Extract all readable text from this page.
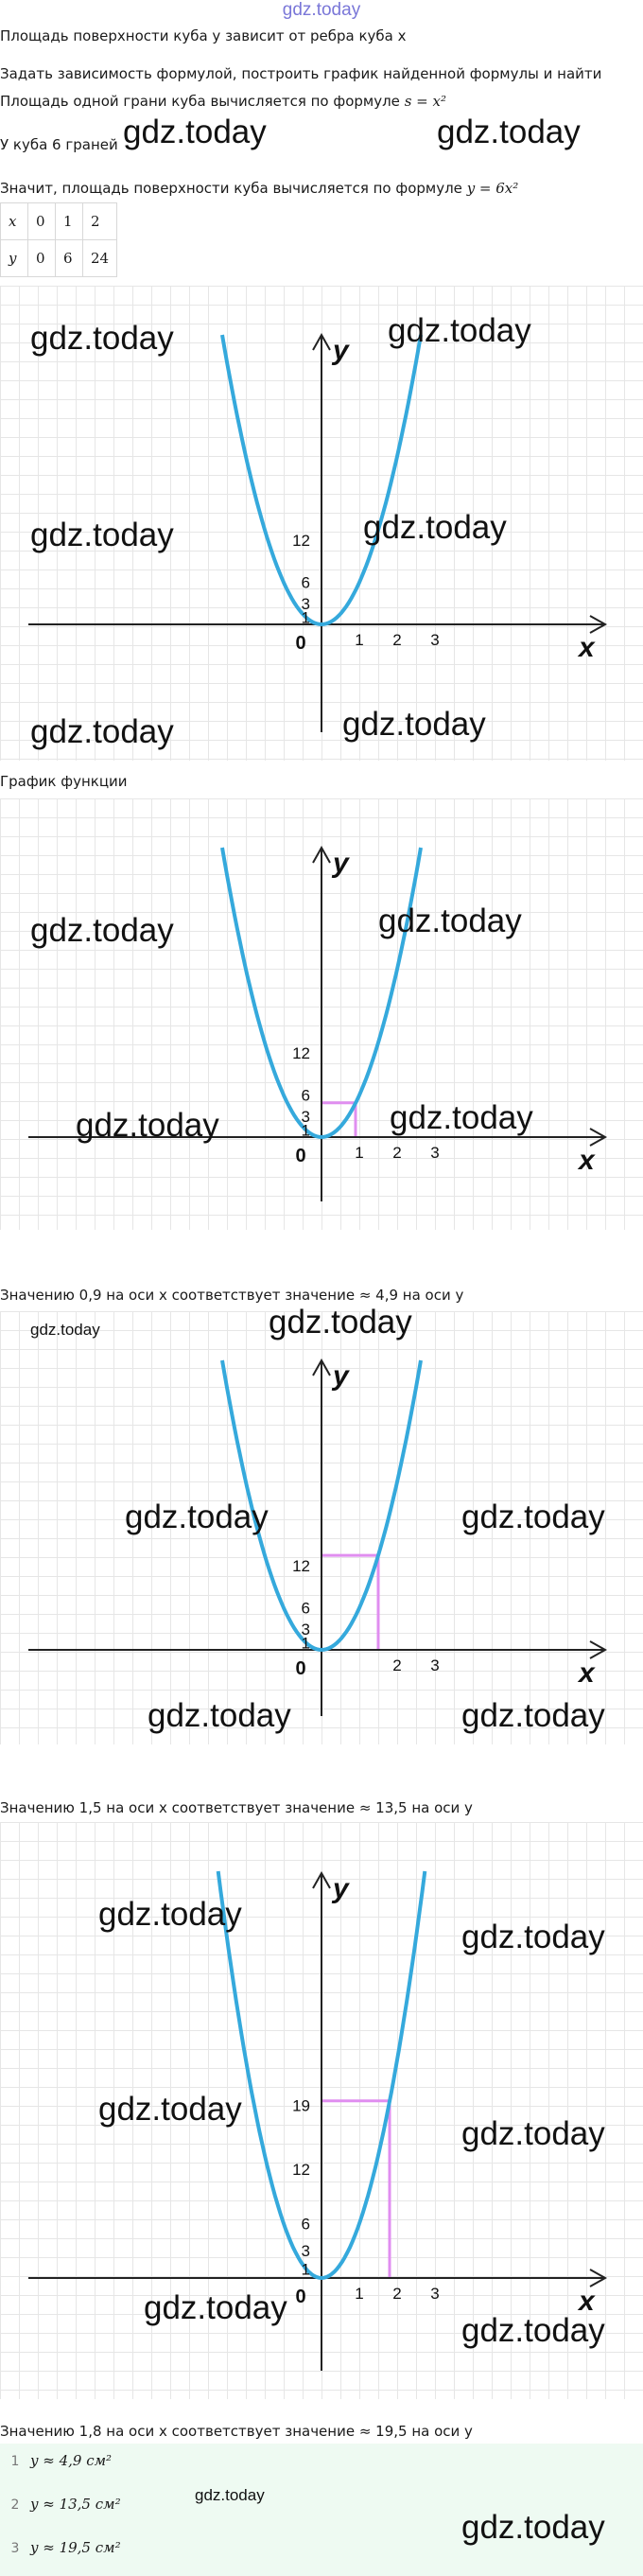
gdz.today
Площадь поверхности куба y зависит от ребра куба x
Задать зависимость формулой, построить график найденной формулы и найти
Площадь одной грани куба вычисляется по формуле s = x²
У куба 6 граней
Значит, площадь поверхности куба вычисляется по формуле y = 6x²
x	0	1	2
y	0	6	24
12
6
3
1
0	1 2 3	x
y
График функции
12
6
3
1
0	1 2 3	x
y
Значению 0,9 на оси x соответствует значение ≈ 4,9 на оси y
12
6
3
1
0	2 3	x
y
Значению 1,5 на оси x соответствует значение ≈ 13,5 на оси y
19
12
6
3
1
0	1 2 3	x
y
Значению 1,8 на оси x соответствует значение ≈ 19,5 на оси y
1 y ≈ 4,9 см²
2 y ≈ 13,5 см²
3 y ≈ 19,5 см²
gdz.today	gdz.today
gdz.today	gdz.today
gdz.today	gdz.today
gdz.today	gdz.today
gdz.today	gdz.today
gdz.today	gdz.today
gdz.today	gdz.today
gdz.today	gdz.today
gdz.today	gdz.today
gdz.today
gdz.today
gdz.today
gdz.today
gdz.today
gdz.today
gdz.today
gdz.today
